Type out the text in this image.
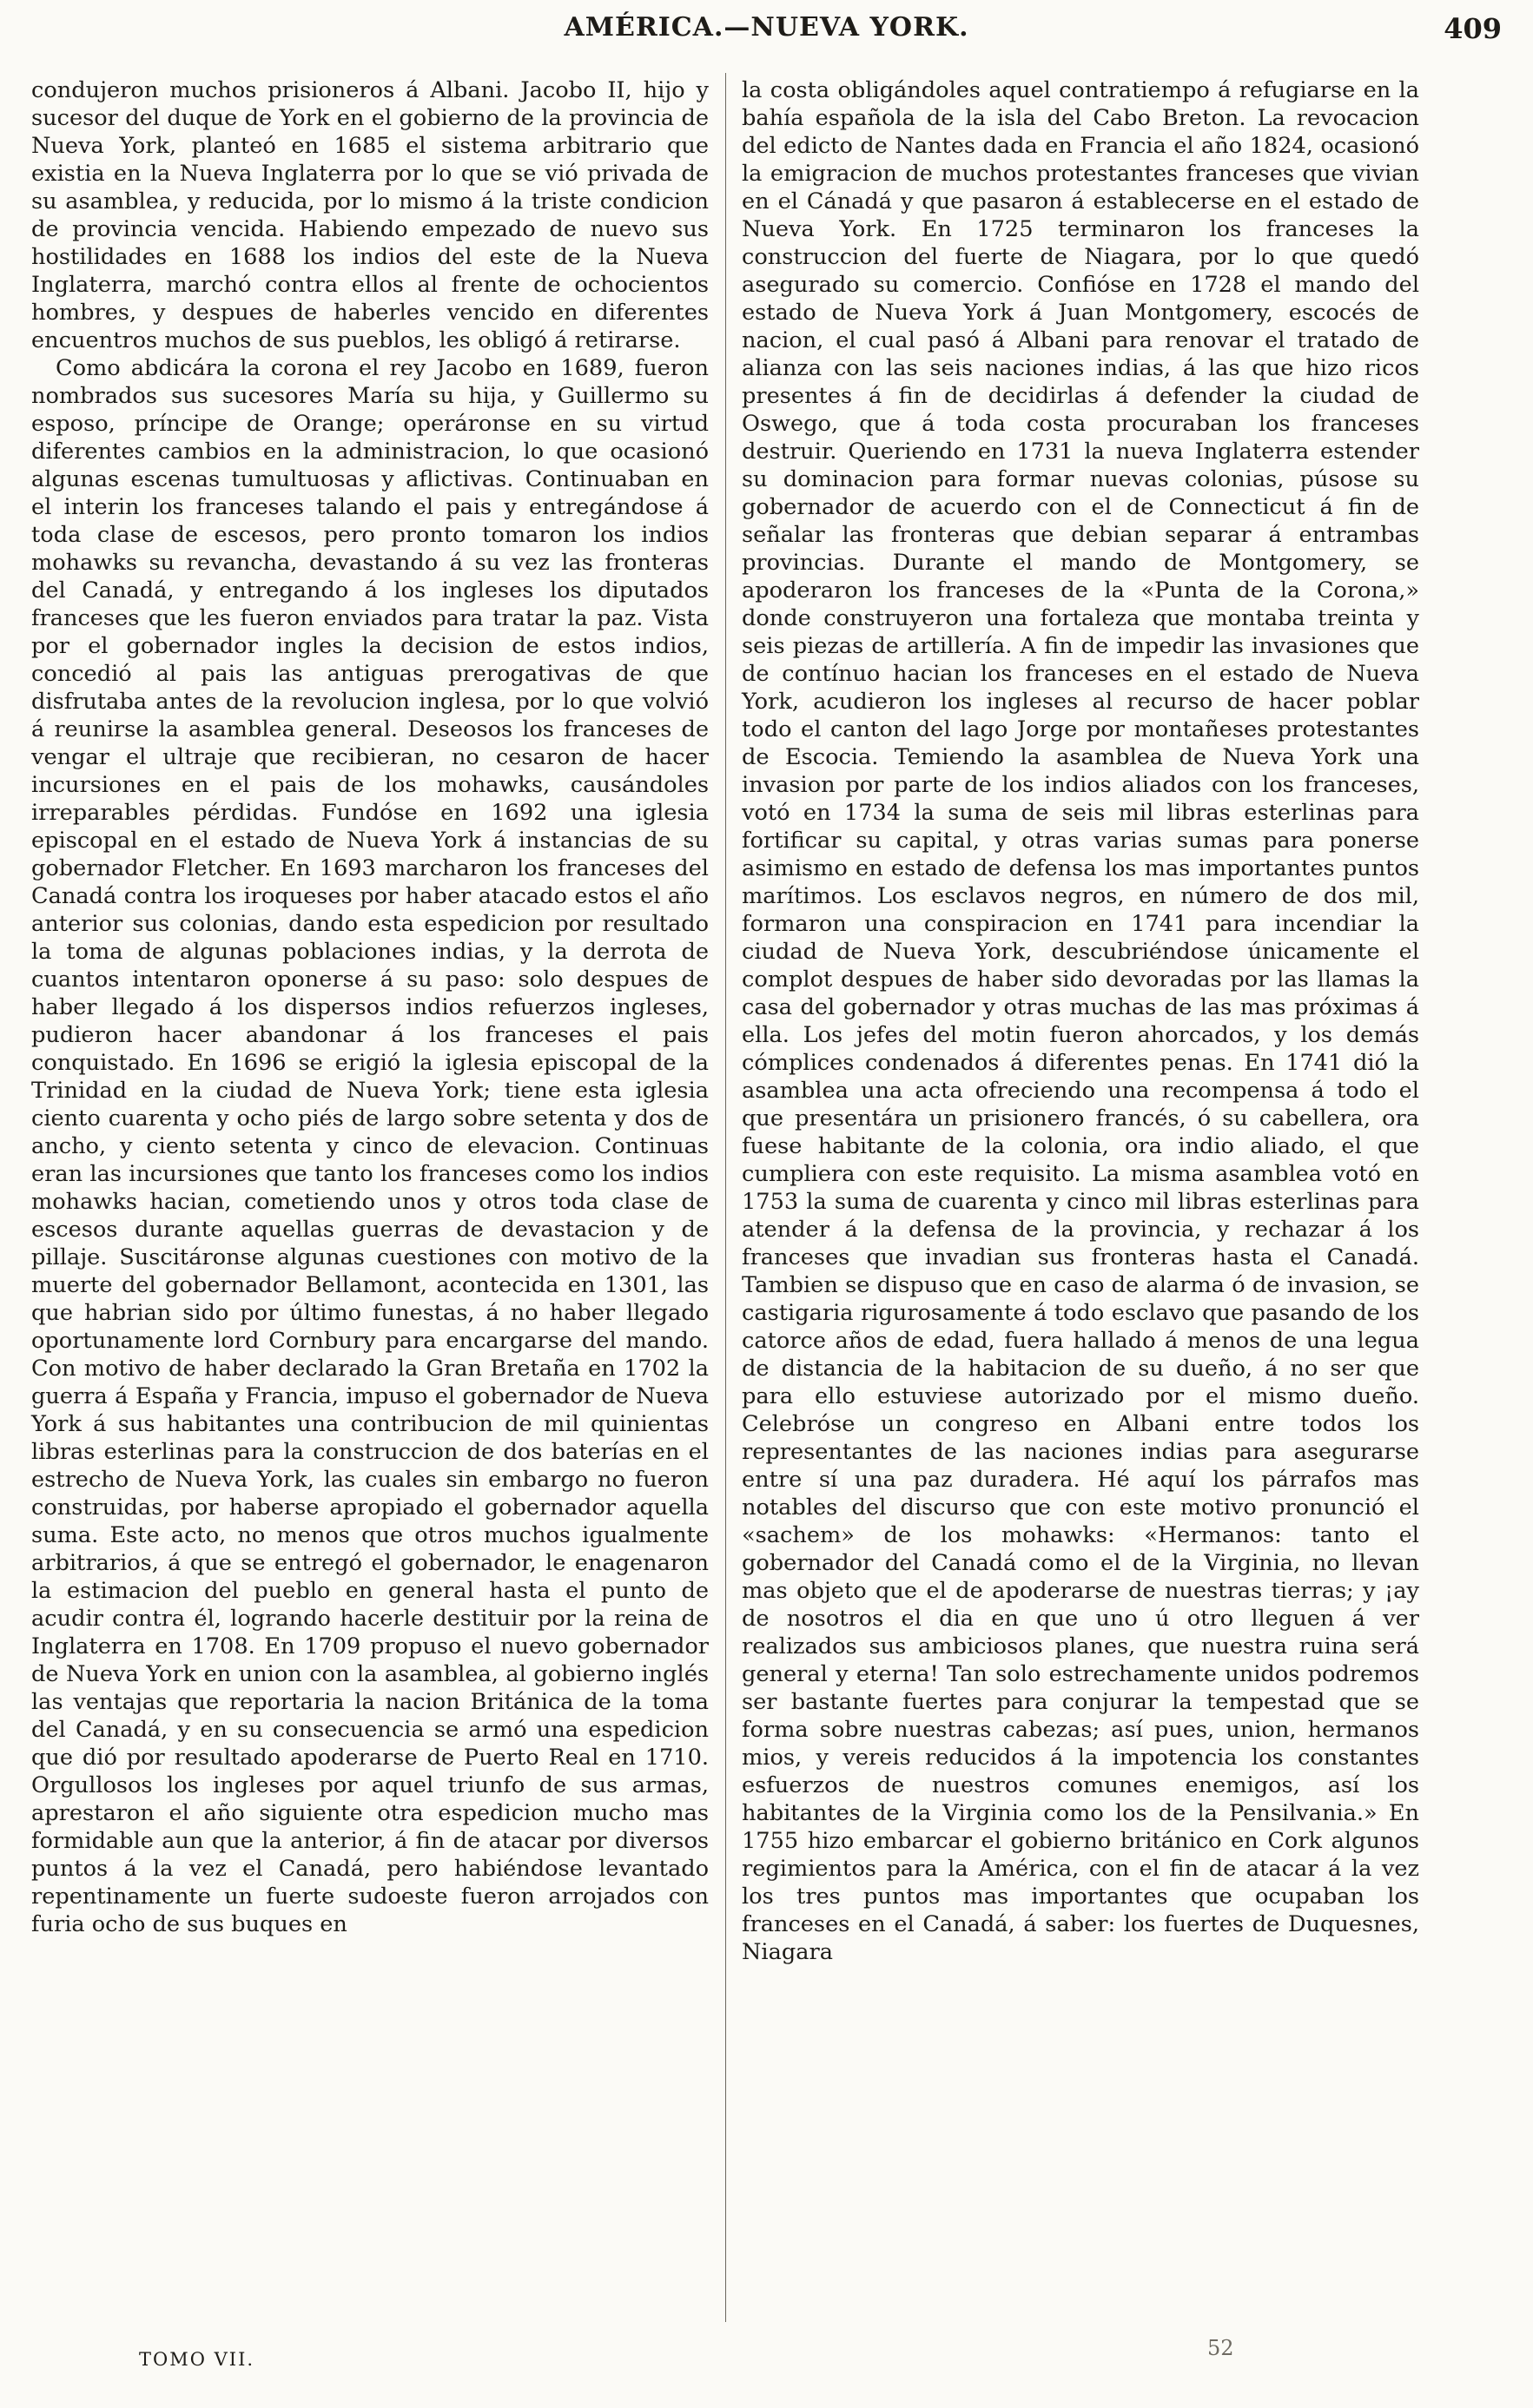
AMÉRICA.—NUEVA YORK.	409

condujeron muchos prisioneros á Albani. Jacobo II, hijo y sucesor del duque de York en el gobierno de la provincia de Nueva York, planteó en 1685 el sistema arbitrario que existia en la Nueva Inglaterra por lo que se vió privada de su asamblea, y reducida, por lo mismo á la triste condicion de provincia vencida. Habiendo empezado de nuevo sus hostilidades en 1688 los indios del este de la Nueva Inglaterra, marchó contra ellos al frente de ochocientos hombres, y despues de haberles vencido en diferentes encuentros muchos de sus pueblos, les obligó á retirarse.

Como abdicára la corona el rey Jacobo en 1689, fueron nombrados sus sucesores María su hija, y Guillermo su esposo, príncipe de Orange; operáronse en su virtud diferentes cambios en la administracion, lo que ocasionó algunas escenas tumultuosas y aflictivas. Continuaban en el interin los franceses talando el pais y entregándose á toda clase de escesos, pero pronto tomaron los indios mohawks su revancha, devastando á su vez las fronteras del Canadá, y entregando á los ingleses los diputados franceses que les fueron enviados para tratar la paz. Vista por el gobernador ingles la decision de estos indios, concedió al pais las antiguas prerogativas de que disfrutaba antes de la revolucion inglesa, por lo que volvió á reunirse la asamblea general. Deseosos los franceses de vengar el ultraje que recibieran, no cesaron de hacer incursiones en el pais de los mohawks, causándoles irreparables pérdidas. Fundóse en 1692 una iglesia episcopal en el estado de Nueva York á instancias de su gobernador Fletcher. En 1693 marcharon los franceses del Canadá contra los iroqueses por haber atacado estos el año anterior sus colonias, dando esta espedicion por resultado la toma de algunas poblaciones indias, y la derrota de cuantos intentaron oponerse á su paso: solo despues de haber llegado á los dispersos indios refuerzos ingleses, pudieron hacer abandonar á los franceses el pais conquistado. En 1696 se erigió la iglesia episcopal de la Trinidad en la ciudad de Nueva York; tiene esta iglesia ciento cuarenta y ocho piés de largo sobre setenta y dos de ancho, y ciento setenta y cinco de elevacion. Continuas eran las incursiones que tanto los franceses como los indios mohawks hacian, cometiendo unos y otros toda clase de escesos durante aquellas guerras de devastacion y de pillaje. Suscitáronse algunas cuestiones con motivo de la muerte del gobernador Bellamont, acontecida en 1301, las que habrian sido por último funestas, á no haber llegado oportunamente lord Cornbury para encargarse del mando. Con motivo de haber declarado la Gran Bretaña en 1702 la guerra á España y Francia, impuso el gobernador de Nueva York á sus habitantes una contribucion de mil quinientas libras esterlinas para la construccion de dos baterías en el estrecho de Nueva York, las cuales sin embargo no fueron construidas, por haberse apropiado el gobernador aquella suma. Este acto, no menos que otros muchos igualmente arbitrarios, á que se entregó el gobernador, le enagenaron la estimacion del pueblo en general hasta el punto de acudir contra él, logrando hacerle destituir por la reina de Inglaterra en 1708. En 1709 propuso el nuevo gobernador de Nueva York en union con la asamblea, al gobierno inglés las ventajas que reportaria la nacion Británica de la toma del Canadá, y en su consecuencia se armó una espedicion que dió por resultado apoderarse de Puerto Real en 1710. Orgullosos los ingleses por aquel triunfo de sus armas, aprestaron el año siguiente otra espedicion mucho mas formidable aun que la anterior, á fin de atacar por diversos puntos á la vez el Canadá, pero habiéndose levantado repentinamente un fuerte sudoeste fueron arrojados con furia ocho de sus buques en

la costa obligándoles aquel contratiempo á refugiarse en la bahía española de la isla del Cabo Breton. La revocacion del edicto de Nantes dada en Francia el año 1824, ocasionó la emigracion de muchos protestantes franceses que vivian en el Cánadá y que pasaron á establecerse en el estado de Nueva York. En 1725 terminaron los franceses la construccion del fuerte de Niagara, por lo que quedó asegurado su comercio. Confióse en 1728 el mando del estado de Nueva York á Juan Montgomery, escocés de nacion, el cual pasó á Albani para renovar el tratado de alianza con las seis naciones indias, á las que hizo ricos presentes á fin de decidirlas á defender la ciudad de Oswego, que á toda costa procuraban los franceses destruir. Queriendo en 1731 la nueva Inglaterra estender su dominacion para formar nuevas colonias, púsose su gobernador de acuerdo con el de Connecticut á fin de señalar las fronteras que debian separar á entrambas provincias. Durante el mando de Montgomery, se apoderaron los franceses de la «Punta de la Corona,» donde construyeron una fortaleza que montaba treinta y seis piezas de artillería. A fin de impedir las invasiones que de contínuo hacian los franceses en el estado de Nueva York, acudieron los ingleses al recurso de hacer poblar todo el canton del lago Jorge por montañeses protestantes de Escocia. Temiendo la asamblea de Nueva York una invasion por parte de los indios aliados con los franceses, votó en 1734 la suma de seis mil libras esterlinas para fortificar su capital, y otras varias sumas para ponerse asimismo en estado de defensa los mas importantes puntos marítimos. Los esclavos negros, en número de dos mil, formaron una conspiracion en 1741 para incendiar la ciudad de Nueva York, descubriéndose únicamente el complot despues de haber sido devoradas por las llamas la casa del gobernador y otras muchas de las mas próximas á ella. Los jefes del motin fueron ahorcados, y los demás cómplices condenados á diferentes penas. En 1741 dió la asamblea una acta ofreciendo una recompensa á todo el que presentára un prisionero francés, ó su cabellera, ora fuese habitante de la colonia, ora indio aliado, el que cumpliera con este requisito. La misma asamblea votó en 1753 la suma de cuarenta y cinco mil libras esterlinas para atender á la defensa de la provincia, y rechazar á los franceses que invadian sus fronteras hasta el Canadá. Tambien se dispuso que en caso de alarma ó de invasion, se castigaria rigurosamente á todo esclavo que pasando de los catorce años de edad, fuera hallado á menos de una legua de distancia de la habitacion de su dueño, á no ser que para ello estuviese autorizado por el mismo dueño. Celebróse un congreso en Albani entre todos los representantes de las naciones indias para asegurarse entre sí una paz duradera. Hé aquí los párrafos mas notables del discurso que con este motivo pronunció el «sachem» de los mohawks: «Hermanos: tanto el gobernador del Canadá como el de la Virginia, no llevan mas objeto que el de apoderarse de nuestras tierras; y ¡ay de nosotros el dia en que uno ú otro lleguen á ver realizados sus ambiciosos planes, que nuestra ruina será general y eterna! Tan solo estrechamente unidos podremos ser bastante fuertes para conjurar la tempestad que se forma sobre nuestras cabezas; así pues, union, hermanos mios, y vereis reducidos á la impotencia los constantes esfuerzos de nuestros comunes enemigos, así los habitantes de la Virginia como los de la Pensilvania.» En 1755 hizo embarcar el gobierno británico en Cork algunos regimientos para la América, con el fin de atacar á la vez los tres puntos mas importantes que ocupaban los franceses en el Canadá, á saber: los fuertes de Duquesnes, Niagara

TOMO VII.	52
